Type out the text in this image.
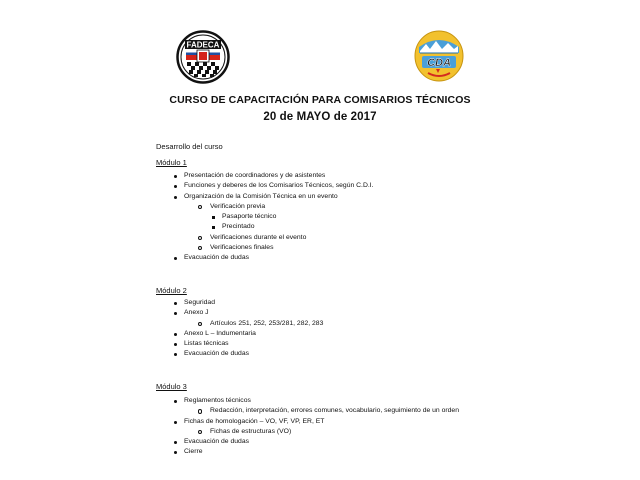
FADECA
CDA
CURSO DE CAPACITACIÓN PARA COMISARIOS TÉCNICOS
20 de MAYO de 2017
Desarrollo del curso
Módulo 1
Presentación de coordinadores y de asistentes
Funciones y deberes de los Comisarios Técnicos, según C.D.I.
Organización de la Comisión Técnica en un evento
Verificación previa
Pasaporte técnico
Precintado
Verificaciones durante el evento
Verificaciones finales
Evacuación de dudas
Módulo 2
Seguridad
Anexo J
Artículos 251, 252, 253/281, 282, 283
Anexo L – Indumentaria
Listas técnicas
Evacuación de dudas
Módulo 3
Reglamentos técnicos
Redacción, interpretación, errores comunes, vocabulario, seguimiento de un orden
Fichas de homologación – VO, VF, VP, ER, ET
Fichas de estructuras (VO)
Evacuación de dudas
Cierre
